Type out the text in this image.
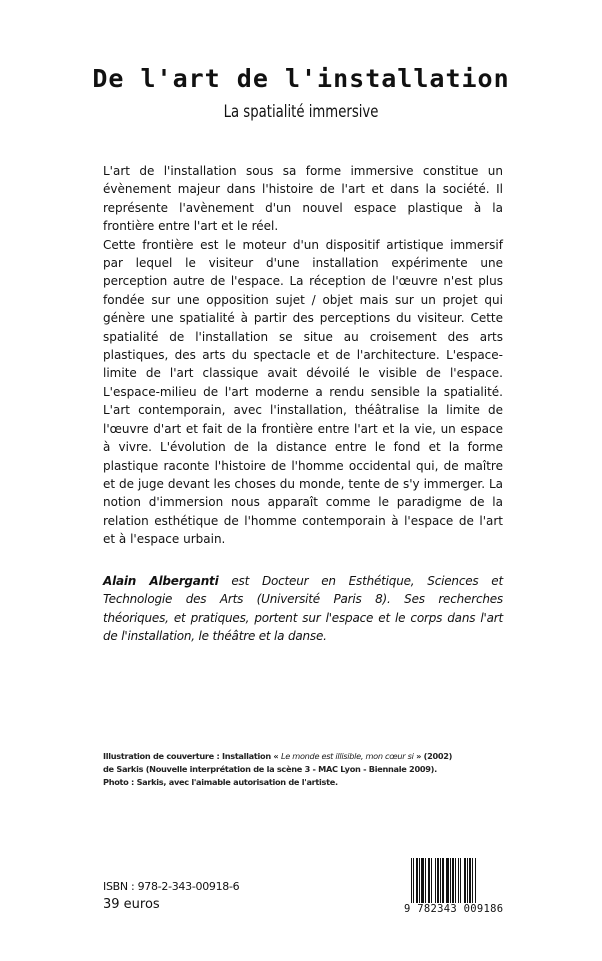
De l'art de l'installation
La spatialité immersive

L'art de l'installation sous sa forme immersive constitue un évènement majeur dans l'histoire de l'art et dans la société. Il représente l'avènement d'un nouvel espace plastique à la frontière entre l'art et le réel.

Cette frontière est le moteur d'un dispositif artistique immersif par lequel le visiteur d'une installation expérimente une perception autre de l'espace. La réception de l'œuvre n'est plus fondée sur une opposition sujet / objet mais sur un projet qui génère une spatialité à partir des perceptions du visiteur. Cette spatialité de l'installation se situe au croisement des arts plastiques, des arts du spectacle et de l'architecture. L'espace-limite de l'art classique avait dévoilé le visible de l'espace. L'espace-milieu de l'art moderne a rendu sensible la spatialité. L'art contemporain, avec l'installation, théâtralise la limite de l'œuvre d'art et fait de la frontière entre l'art et la vie, un espace à vivre. L'évolution de la distance entre le fond et la forme plastique raconte l'histoire de l'homme occidental qui, de maître et de juge devant les choses du monde, tente de s'y immerger. La notion d'immersion nous apparaît comme le paradigme de la relation esthétique de l'homme contemporain à l'espace de l'art et à l'espace urbain.

Alain Alberganti est Docteur en Esthétique, Sciences et Technologie des Arts (Université Paris 8). Ses recherches théoriques, et pratiques, portent sur l'espace et le corps dans l'art de l'installation, le théâtre et la danse.
Illustration de couverture : Installation « Le monde est illisible, mon cœur si » (2002)
de Sarkis (Nouvelle interprétation de la scène 3 - MAC Lyon - Biennale 2009).
Photo : Sarkis, avec l'aimable autorisation de l'artiste.
ISBN : 978-2-343-00918-6
39 euros	9 782343 009186
